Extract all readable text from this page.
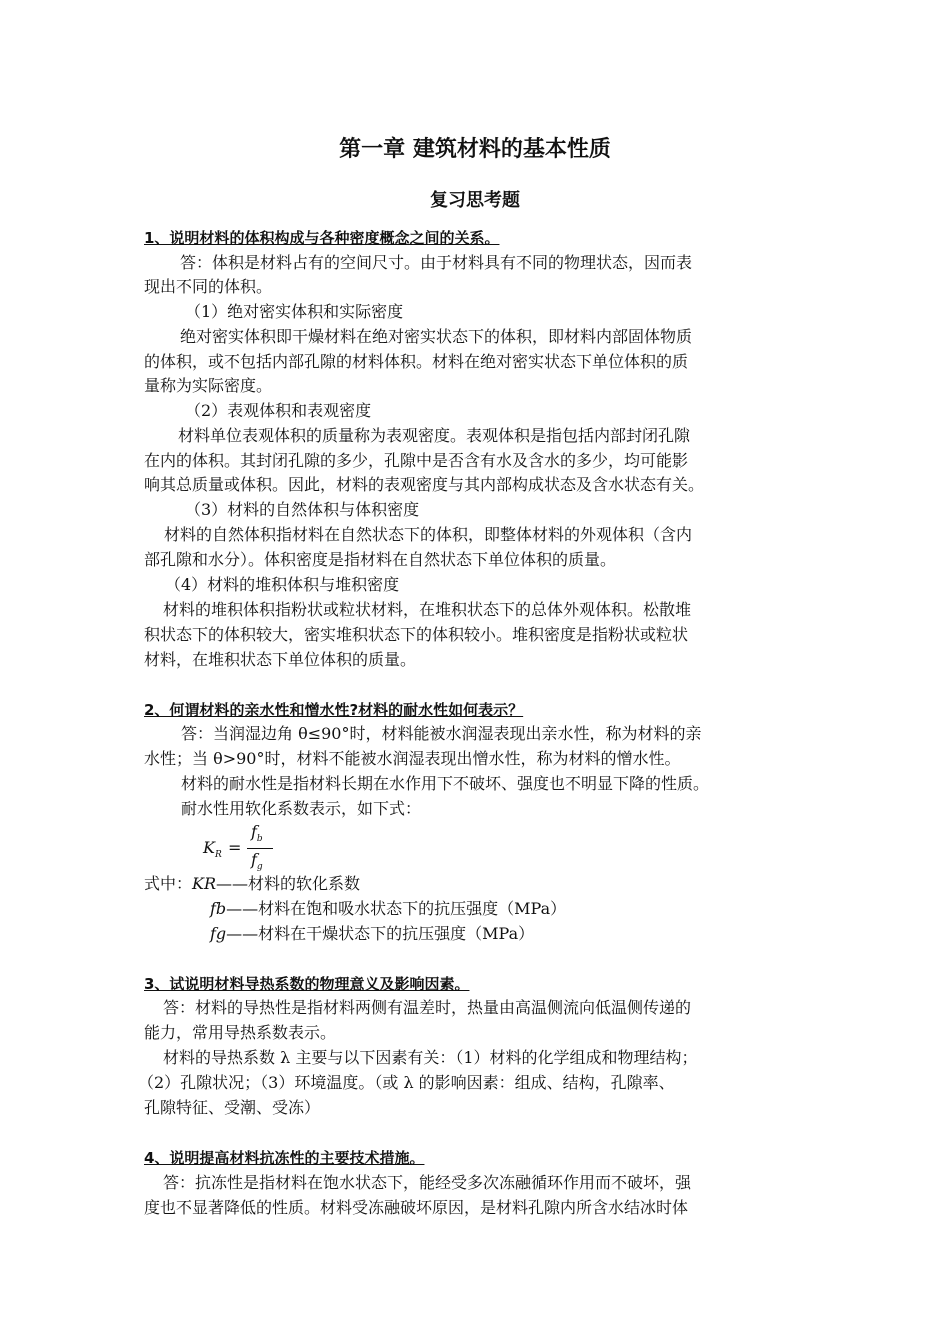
第一章 建筑材料的基本性质
复习思考题
1、说明材料的体积构成与各种密度概念之间的关系。
答：体积是材料占有的空间尺寸。由于材料具有不同的物理状态，因而表
现出不同的体积。
（1）绝对密实体积和实际密度
绝对密实体积即干燥材料在绝对密实状态下的体积，即材料内部固体物质
的体积，或不包括内部孔隙的材料体积。材料在绝对密实状态下单位体积的质
量称为实际密度。
（2）表观体积和表观密度
材料单位表观体积的质量称为表观密度。表观体积是指包括内部封闭孔隙
在内的体积。其封闭孔隙的多少，孔隙中是否含有水及含水的多少，均可能影
响其总质量或体积。因此，材料的表观密度与其内部构成状态及含水状态有关。
（3）材料的自然体积与体积密度
材料的自然体积指材料在自然状态下的体积，即整体材料的外观体积（含内
部孔隙和水分）。体积密度是指材料在自然状态下单位体积的质量。
（4）材料的堆积体积与堆积密度
材料的堆积体积指粉状或粒状材料，在堆积状态下的总体外观体积。松散堆
积状态下的体积较大，密实堆积状态下的体积较小。堆积密度是指粉状或粒状
材料，在堆积状态下单位体积的质量。
2、何谓材料的亲水性和憎水性?材料的耐水性如何表示？
答：当润湿边角 θ≤90°时，材料能被水润湿表现出亲水性，称为材料的亲
水性；当 θ>90°时，材料不能被水润湿表现出憎水性，称为材料的憎水性。
材料的耐水性是指材料长期在水作用下不破坏、强度也不明显下降的性质。
耐水性用软化系数表示，如下式：
$K_R$ =
$f_b$
$f_g$
式中：KR——材料的软化系数
fb——材料在饱和吸水状态下的抗压强度（MPa）
fg——材料在干燥状态下的抗压强度（MPa）
3、试说明材料导热系数的物理意义及影响因素。
答：材料的导热性是指材料两侧有温差时，热量由高温侧流向低温侧传递的
能力，常用导热系数表示。
材料的导热系数 λ 主要与以下因素有关：（1）材料的化学组成和物理结构；
（2）孔隙状况；（3）环境温度。（或 λ 的影响因素：组成、结构，孔隙率、
孔隙特征、受潮、受冻）
4、说明提高材料抗冻性的主要技术措施。
答：抗冻性是指材料在饱水状态下，能经受多次冻融循环作用而不破坏，强
度也不显著降低的性质。材料受冻融破坏原因，是材料孔隙内所含水结冰时体
